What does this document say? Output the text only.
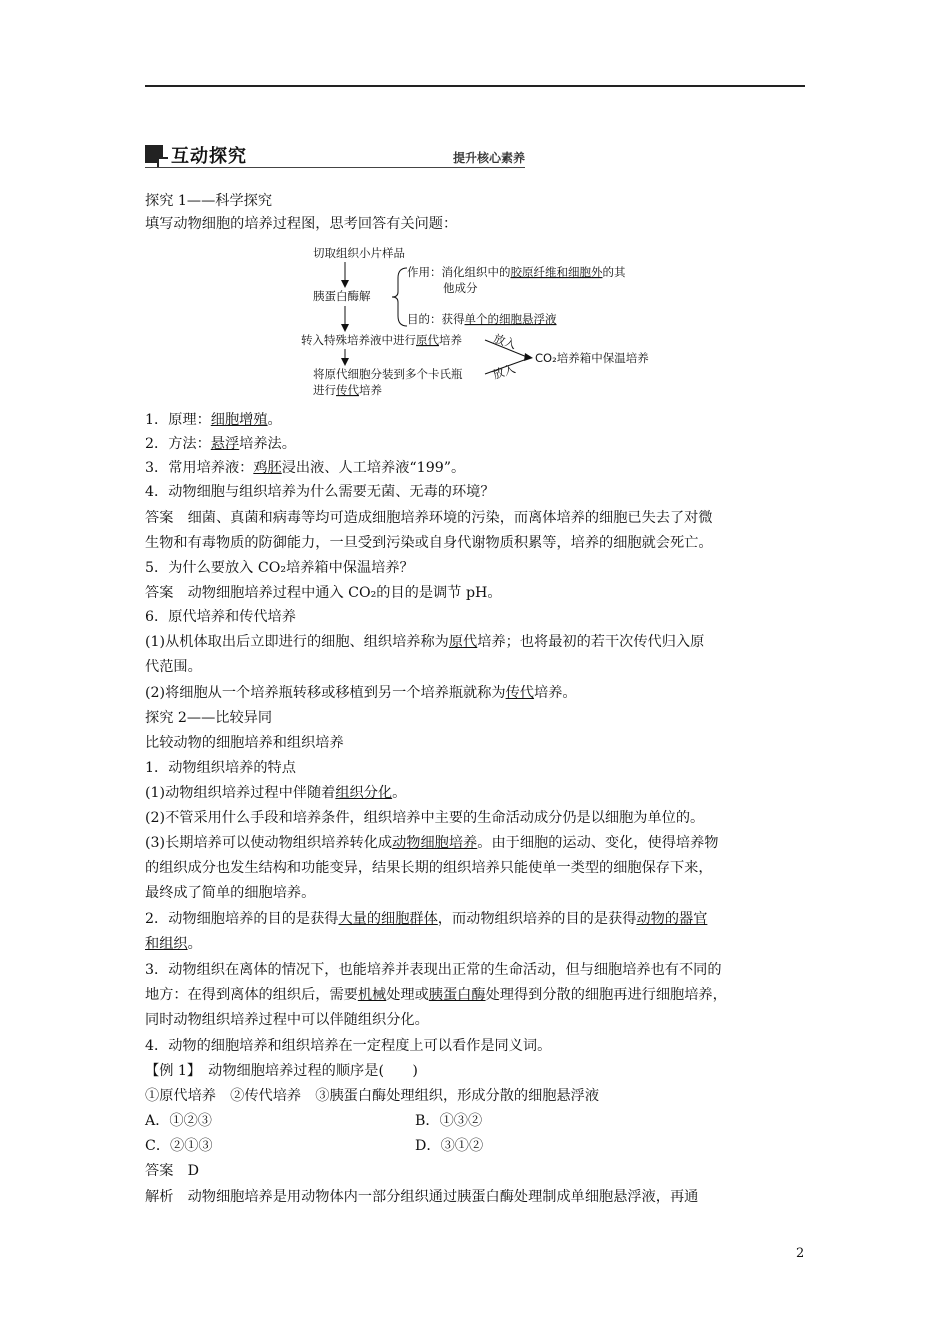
互动探究	提升核心素养
探究 1——科学探究
填写动物细胞的培养过程图，思考回答有关问题：
切取组织小片样品
胰蛋白酶解
作用：消化组织中的胶原纤维和细胞外的其
他成分
目的：获得单个的细胞悬浮液
转入特殊培养液中进行原代培养
将原代细胞分装到多个卡氏瓶
进行传代培养
放入
放入
CO₂培养箱中保温培养
1．原理：细胞增殖。
2．方法：悬浮培养法。
3．常用培养液：鸡胚浸出液、人工培养液“199”。
4．动物细胞与组织培养为什么需要无菌、无毒的环境？
答案　细菌、真菌和病毒等均可造成细胞培养环境的污染，而离体培养的细胞已失去了对微
生物和有毒物质的防御能力，一旦受到污染或自身代谢物质积累等，培养的细胞就会死亡。
5．为什么要放入 CO₂培养箱中保温培养？
答案　动物细胞培养过程中通入 CO₂的目的是调节 pH。
6．原代培养和传代培养
(1)从机体取出后立即进行的细胞、组织培养称为原代培养；也将最初的若干次传代归入原
代范围。
(2)将细胞从一个培养瓶转移或移植到另一个培养瓶就称为传代培养。
探究 2——比较异同
比较动物的细胞培养和组织培养
1．动物组织培养的特点
(1)动物组织培养过程中伴随着组织分化。
(2)不管采用什么手段和培养条件，组织培养中主要的生命活动成分仍是以细胞为单位的。
(3)长期培养可以使动物组织培养转化成动物细胞培养。由于细胞的运动、变化，使得培养物
的组织成分也发生结构和功能变异，结果长期的组织培养只能使单一类型的细胞保存下来，
最终成了简单的细胞培养。
2．动物细胞培养的目的是获得大量的细胞群体，而动物组织培养的目的是获得动物的器官
和组织。
3．动物组织在离体的情况下，也能培养并表现出正常的生命活动，但与细胞培养也有不同的
地方：在得到离体的组织后，需要机械处理或胰蛋白酶处理得到分散的细胞再进行细胞培养，
同时动物组织培养过程中可以伴随组织分化。
4．动物的细胞培养和组织培养在一定程度上可以看作是同义词。
【例 1】　动物细胞培养过程的顺序是(　　)
①原代培养　②传代培养　③胰蛋白酶处理组织，形成分散的细胞悬浮液
A．①②③	B．①③②
C．②①③	D．③①②
答案　D
解析　动物细胞培养是用动物体内一部分组织通过胰蛋白酶处理制成单细胞悬浮液，再通
2
